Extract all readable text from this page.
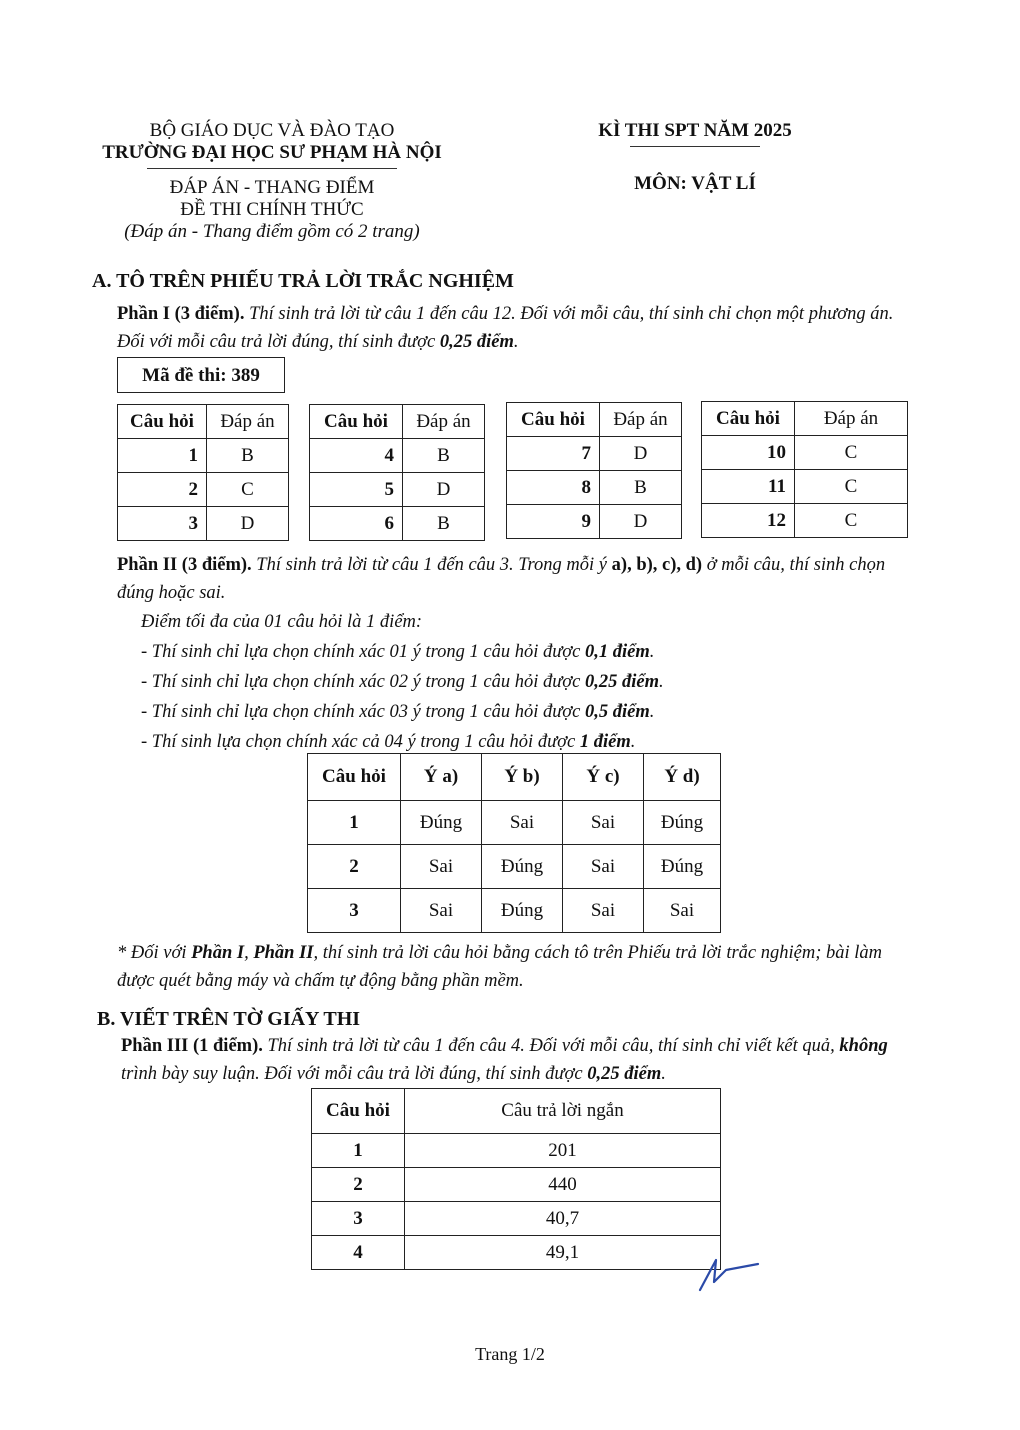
BỘ GIÁO DỤC VÀ ĐÀO TẠO
TRƯỜNG ĐẠI HỌC SƯ PHẠM HÀ NỘI
ĐÁP ÁN - THANG ĐIỂM
ĐỀ THI CHÍNH THỨC
(Đáp án - Thang điểm gồm có 2 trang)
KÌ THI SPT NĂM 2025
MÔN: VẬT LÍ
A. TÔ TRÊN PHIẾU TRẢ LỜI TRẮC NGHIỆM
Phần I (3 điểm). Thí sinh trả lời từ câu 1 đến câu 12. Đối với mỗi câu, thí sinh chỉ chọn một phương án. Đối với mỗi câu trả lời đúng, thí sinh được 0,25 điểm.
Mã đề thi: 389
Câu hỏi	Đáp án
1	B
2	C
3	D
Câu hỏi	Đáp án
4	B
5	D
6	B
Câu hỏi	Đáp án
7	D
8	B
9	D
Câu hỏi	Đáp án
10	C
11	C
12	C
Phần II (3 điểm). Thí sinh trả lời từ câu 1 đến câu 3. Trong mỗi ý a), b), c), d) ở mỗi câu, thí sinh chọn đúng hoặc sai.
Điểm tối đa của 01 câu hỏi là 1 điểm:
- Thí sinh chỉ lựa chọn chính xác 01 ý trong 1 câu hỏi được 0,1 điểm.
- Thí sinh chỉ lựa chọn chính xác 02 ý trong 1 câu hỏi được 0,25 điểm.
- Thí sinh chỉ lựa chọn chính xác 03 ý trong 1 câu hỏi được 0,5 điểm.
- Thí sinh lựa chọn chính xác cả 04 ý trong 1 câu hỏi được 1 điểm.
Câu hỏi	Ý a)	Ý b)	Ý c)	Ý d)
1	Đúng	Sai	Sai	Đúng
2	Sai	Đúng	Sai	Đúng
3	Sai	Đúng	Sai	Sai
* Đối với Phần I, Phần II, thí sinh trả lời câu hỏi bằng cách tô trên Phiếu trả lời trắc nghiệm; bài làm được quét bằng máy và chấm tự động bằng phần mềm.
B. VIẾT TRÊN TỜ GIẤY THI
Phần III (1 điểm). Thí sinh trả lời từ câu 1 đến câu 4. Đối với mỗi câu, thí sinh chỉ viết kết quả, không trình bày suy luận. Đối với mỗi câu trả lời đúng, thí sinh được 0,25 điểm.
Câu hỏi	Câu trả lời ngắn
1	201
2	440
3	40,7
4	49,1
Trang 1/2
